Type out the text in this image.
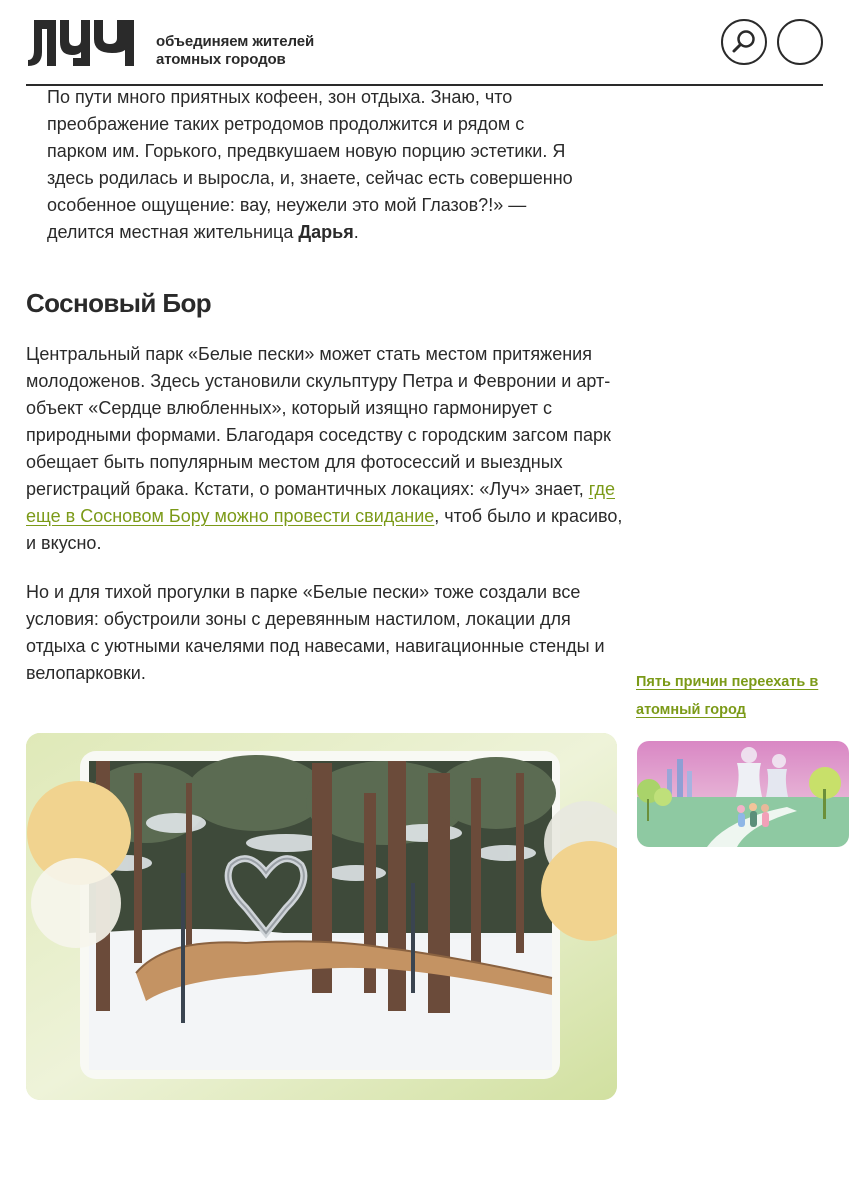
объединяем жителей
атомных городов
По пути много приятных кофеен, зон отдыха. Знаю, что преображение таких ретродомов продолжится и рядом с парком им. Горького, предвкушаем новую порцию эстетики. Я здесь родилась и выросла, и, знаете, сейчас есть совершенно особенное ощущение: вау, неужели это мой Глазов?!» — делится местная жительница Дарья.
Сосновый Бор

Центральный парк «Белые пески» может стать местом притяжения молодоженов. Здесь установили скульптуру Петра и Февронии и арт-объект «Сердце влюбленных», который изящно гармонирует с природными формами. Благодаря соседству с городским загсом парк обещает быть популярным местом для фотосессий и выездных регистраций брака. Кстати, о романтичных локациях: «Луч» знает, где еще в Сосновом Бору можно провести свидание, чтоб было и красиво, и вкусно.

Но и для тихой прогулки в парке «Белые пески» тоже создали все условия: обустроили зоны с деревянным настилом, локации для отдыха с уютными качелями под навесами, навигационные стенды и велопарковки.	Пять причин переехать в атомный город
